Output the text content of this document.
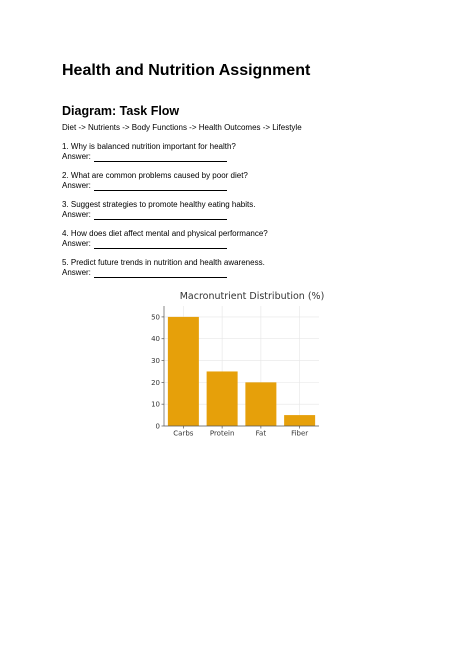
Health and Nutrition Assignment
Diagram: Task Flow
Diet -> Nutrients -> Body Functions -> Health Outcomes -> Lifestyle
1. Why is balanced nutrition important for health?
Answer:
2. What are common problems caused by poor diet?
Answer:
3. Suggest strategies to promote healthy eating habits.
Answer:
4. How does diet affect mental and physical performance?
Answer:
5. Predict future trends in nutrition and health awareness.
Answer:
Macronutrient Distribution (%)
0
10
20
30
40
50
Carbs Protein	Fat	Fiber
